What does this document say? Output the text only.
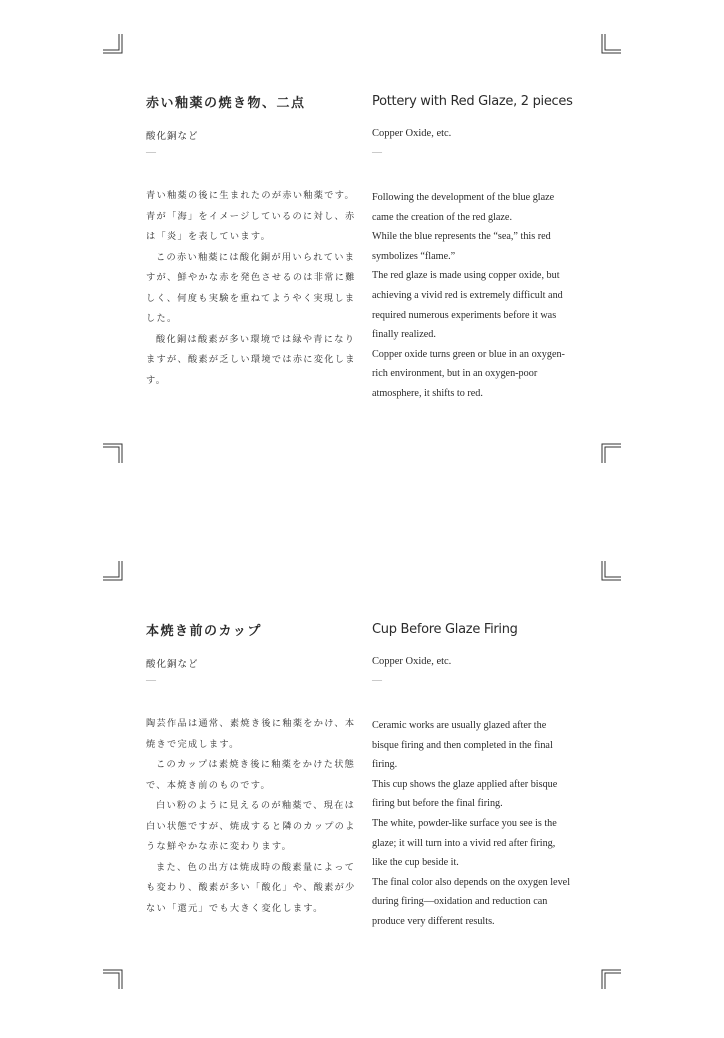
赤い釉薬の焼き物、二点
酸化銅など
—

青い釉薬の後に生まれたのが赤い釉薬です。青が「海」をイメージしているのに対し、赤は「炎」を表しています。

この赤い釉薬には酸化銅が用いられていますが、鮮やかな赤を発色させるのは非常に難しく、何度も実験を重ねてようやく実現しました。

酸化銅は酸素が多い環境では緑や青になりますが、酸素が乏しい環境では赤に変化します。

Pottery with Red Glaze, 2 pieces
Copper Oxide, etc.
—
Following the development of the blue glaze
came the creation of the red glaze.
While the blue represents the “sea,” this red
symbolizes “flame.”
The red glaze is made using copper oxide, but
achieving a vivid red is extremely difficult and
required numerous experiments before it was
finally realized.
Copper oxide turns green or blue in an oxygen-
rich environment, but in an oxygen-poor
atmosphere, it shifts to red.
本焼き前のカップ
酸化銅など
—

陶芸作品は通常、素焼き後に釉薬をかけ、本焼きで完成します。

このカップは素焼き後に釉薬をかけた状態で、本焼き前のものです。

白い粉のように見えるのが釉薬で、現在は白い状態ですが、焼成すると隣のカップのような鮮やかな赤に変わります。

また、色の出方は焼成時の酸素量によっても変わり、酸素が多い「酸化」や、酸素が少ない「還元」でも大きく変化します。

Cup Before Glaze Firing
Copper Oxide, etc.
—
Ceramic works are usually glazed after the
bisque firing and then completed in the final
firing.
This cup shows the glaze applied after bisque
firing but before the final firing.
The white, powder-like surface you see is the
glaze; it will turn into a vivid red after firing,
like the cup beside it.
The final color also depends on the oxygen level
during firing—oxidation and reduction can
produce very different results.
